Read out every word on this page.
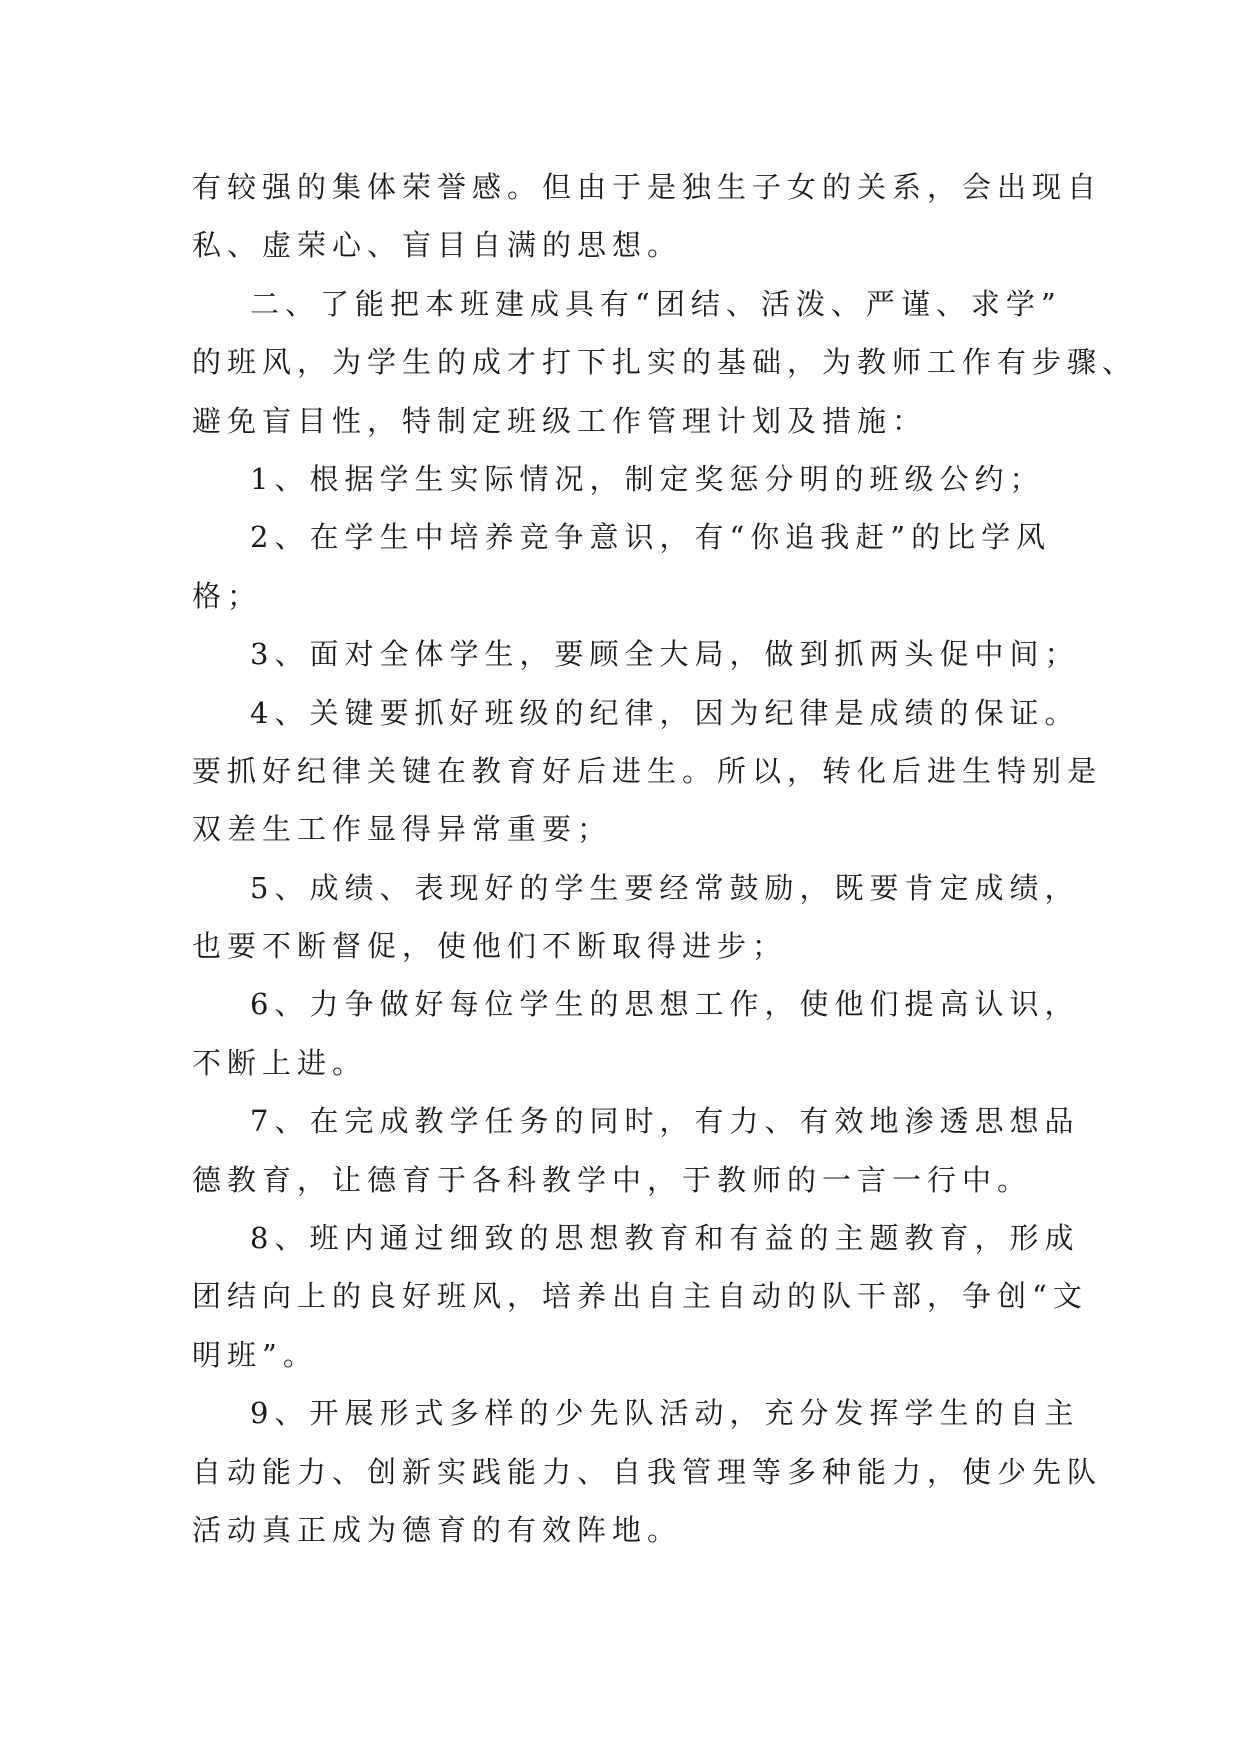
有较强的集体荣誉感。但由于是独生子女的关系，会出现自
私、虚荣心、盲目自满的思想。
二、了能把本班建成具有“团结、活泼、严谨、求学”
的班风，为学生的成才打下扎实的基础，为教师工作有步骤、
避免盲目性，特制定班级工作管理计划及措施：
1、根据学生实际情况，制定奖惩分明的班级公约；
2、在学生中培养竞争意识，有“你追我赶”的比学风
格；
3、面对全体学生，要顾全大局，做到抓两头促中间；
4、关键要抓好班级的纪律，因为纪律是成绩的保证。
要抓好纪律关键在教育好后进生。所以，转化后进生特别是
双差生工作显得异常重要；
5、成绩、表现好的学生要经常鼓励，既要肯定成绩，
也要不断督促，使他们不断取得进步；
6、力争做好每位学生的思想工作，使他们提高认识，
不断上进。
7、在完成教学任务的同时，有力、有效地渗透思想品
德教育，让德育于各科教学中，于教师的一言一行中。
8、班内通过细致的思想教育和有益的主题教育，形成
团结向上的良好班风，培养出自主自动的队干部，争创“文
明班”。
9、开展形式多样的少先队活动，充分发挥学生的自主
自动能力、创新实践能力、自我管理等多种能力，使少先队
活动真正成为德育的有效阵地。
